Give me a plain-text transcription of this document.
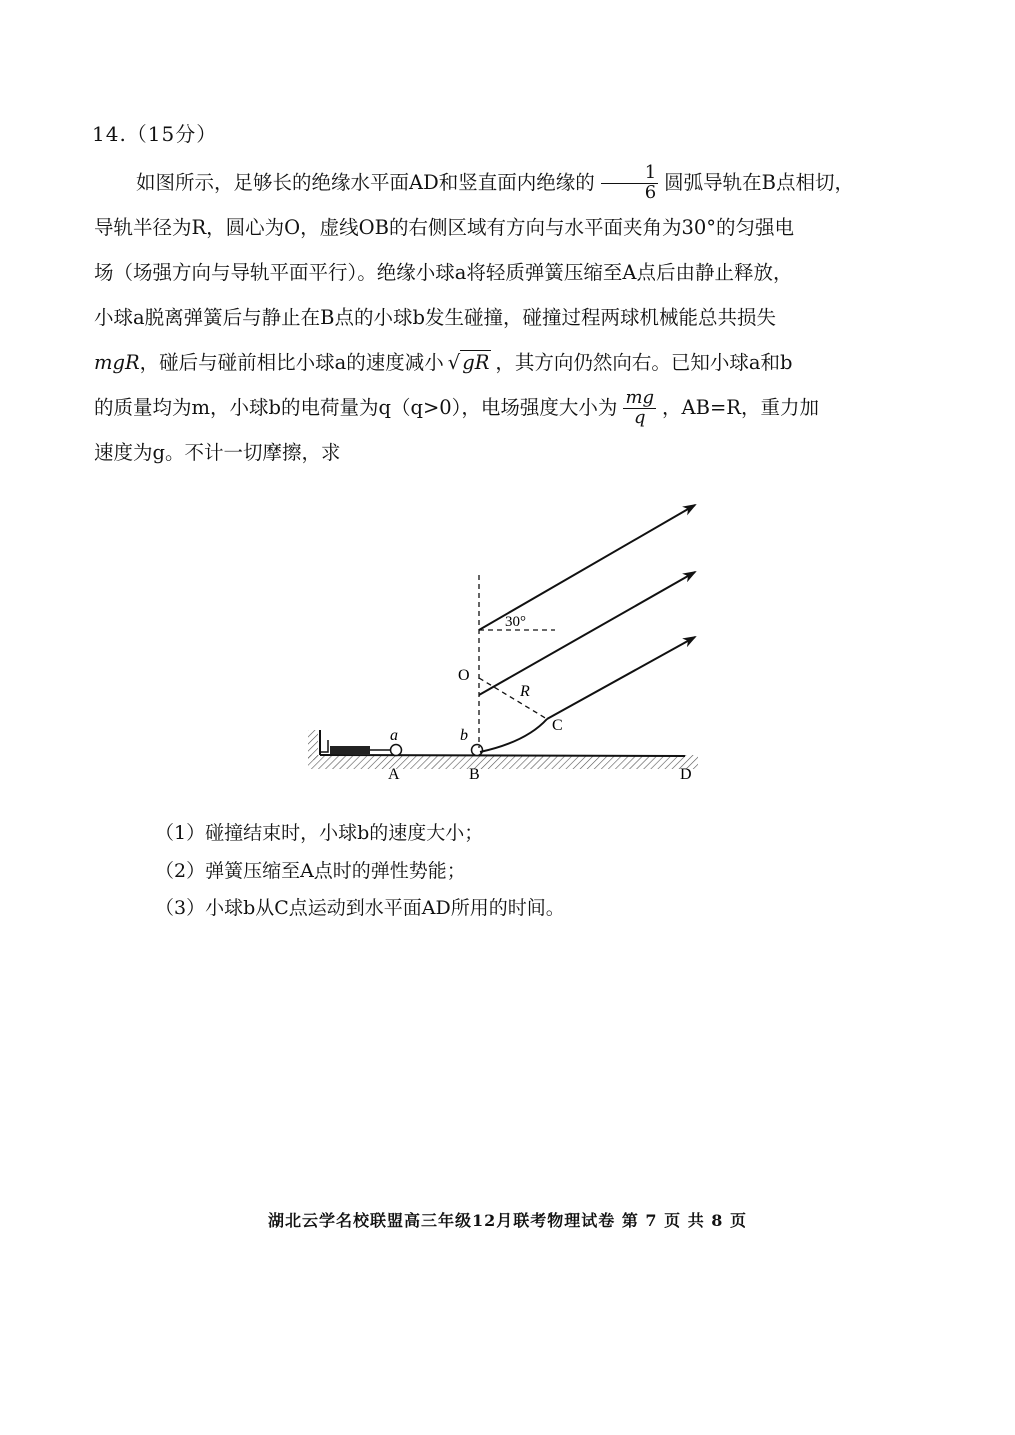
14.（15分）
如图所示，足够长的绝缘水平面AD和竖直面内绝缘的 $\frac{1}{6}$ 圆弧导轨在B点相切，
导轨半径为R，圆心为O，虚线OB的右侧区域有方向与水平面夹角为30°的匀强电
场（场强方向与导轨平面平行）。绝缘小球a将轻质弹簧压缩至A点后由静止释放，
小球a脱离弹簧后与静止在B点的小球b发生碰撞，碰撞过程两球机械能总共损失
mgR，碰后与碰前相比小球a的速度减小 √ gR ，其方向仍然向右。已知小球a和b
的质量均为m，小球b的电荷量为q（q>0），电场强度大小为 $\frac{mg}{q}$ ，AB=R，重力加
速度为g。不计一切摩擦，求
30°
O
R
C
a	b
A	B	D
（1）碰撞结束时，小球b的速度大小；
（2）弹簧压缩至A点时的弹性势能；
（3）小球b从C点运动到水平面AD所用的时间。
湖北云学名校联盟高三年级12月联考物理试卷 第 7 页 共 8 页
